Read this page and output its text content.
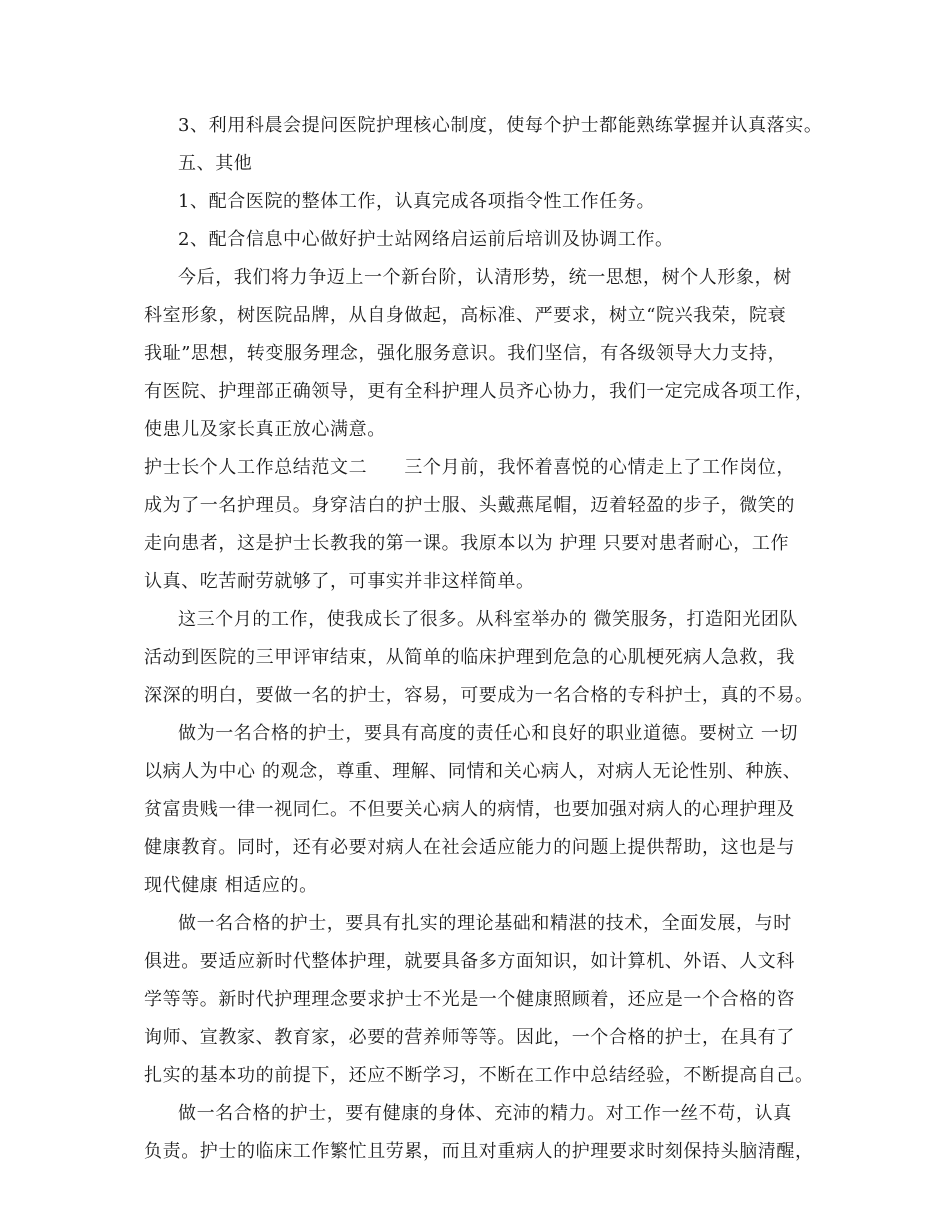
3、利用科晨会提问医院护理核心制度，使每个护士都能熟练掌握并认真落实。
五、其他
1、配合医院的整体工作，认真完成各项指令性工作任务。
2、配合信息中心做好护士站网络启运前后培训及协调工作。
今后，我们将力争迈上一个新台阶，认清形势，统一思想，树个人形象，树
科室形象，树医院品牌，从自身做起，高标准、严要求，树立“院兴我荣，院衰
我耻”思想，转变服务理念，强化服务意识。我们坚信，有各级领导大力支持，
有医院、护理部正确领导，更有全科护理人员齐心协力，我们一定完成各项工作，
使患儿及家长真正放心满意。
护士长个人工作总结范文二　　三个月前，我怀着喜悦的心情走上了工作岗位，
成为了一名护理员。身穿洁白的护士服、头戴燕尾帽，迈着轻盈的步子，微笑的
走向患者，这是护士长教我的第一课。我原本以为 护理 只要对患者耐心，工作
认真、吃苦耐劳就够了，可事实并非这样简单。
这三个月的工作，使我成长了很多。从科室举办的 微笑服务，打造阳光团队
活动到医院的三甲评审结束，从简单的临床护理到危急的心肌梗死病人急救，我
深深的明白，要做一名的护士，容易，可要成为一名合格的专科护士，真的不易。
做为一名合格的护士，要具有高度的责任心和良好的职业道德。要树立 一切
以病人为中心 的观念，尊重、理解、同情和关心病人，对病人无论性别、种族、
贫富贵贱一律一视同仁。不但要关心病人的病情，也要加强对病人的心理护理及
健康教育。同时，还有必要对病人在社会适应能力的问题上提供帮助，这也是与
现代健康 相适应的。
做一名合格的护士，要具有扎实的理论基础和精湛的技术，全面发展，与时
俱进。要适应新时代整体护理，就要具备多方面知识，如计算机、外语、人文科
学等等。新时代护理理念要求护士不光是一个健康照顾着，还应是一个合格的咨
询师、宣教家、教育家，必要的营养师等等。因此，一个合格的护士，在具有了
扎实的基本功的前提下，还应不断学习，不断在工作中总结经验，不断提高自己。
做一名合格的护士，要有健康的身体、充沛的精力。对工作一丝不苟，认真
负责。护士的临床工作繁忙且劳累，而且对重病人的护理要求时刻保持头脑清醒，
